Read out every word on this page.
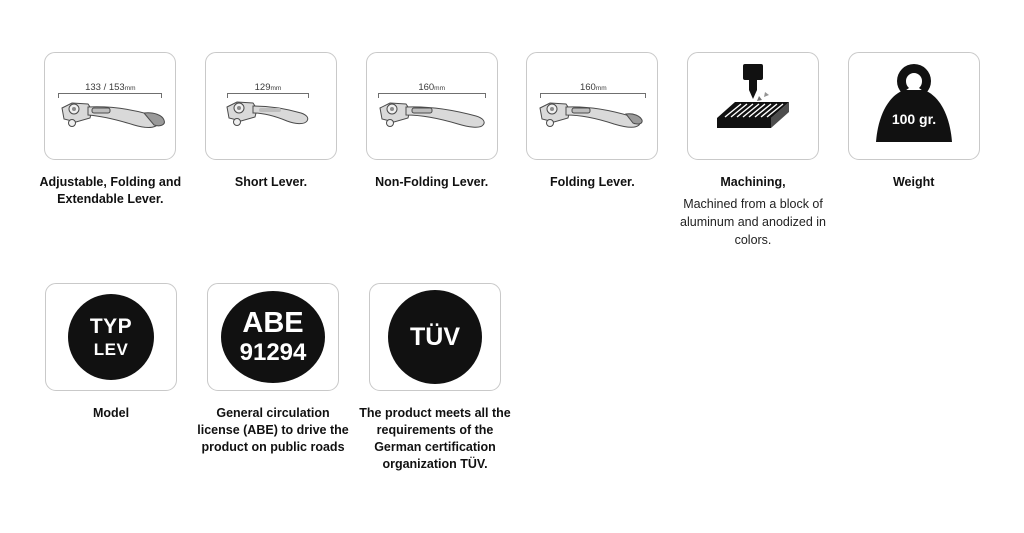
133 / 153mm
Adjustable, Folding and Extendable Lever.
129mm
Short Lever.
160mm
Non-Folding Lever.
160mm
Folding Lever.	Machining,
Machined from a block of aluminum and anodized in colors.
100 gr.
Weight
TYP
LEV
Model
ABE
91294
General circulation license (ABE) to drive the product on public roads
TÜV
The product meets all the requirements of the German certification organization TÜV.
